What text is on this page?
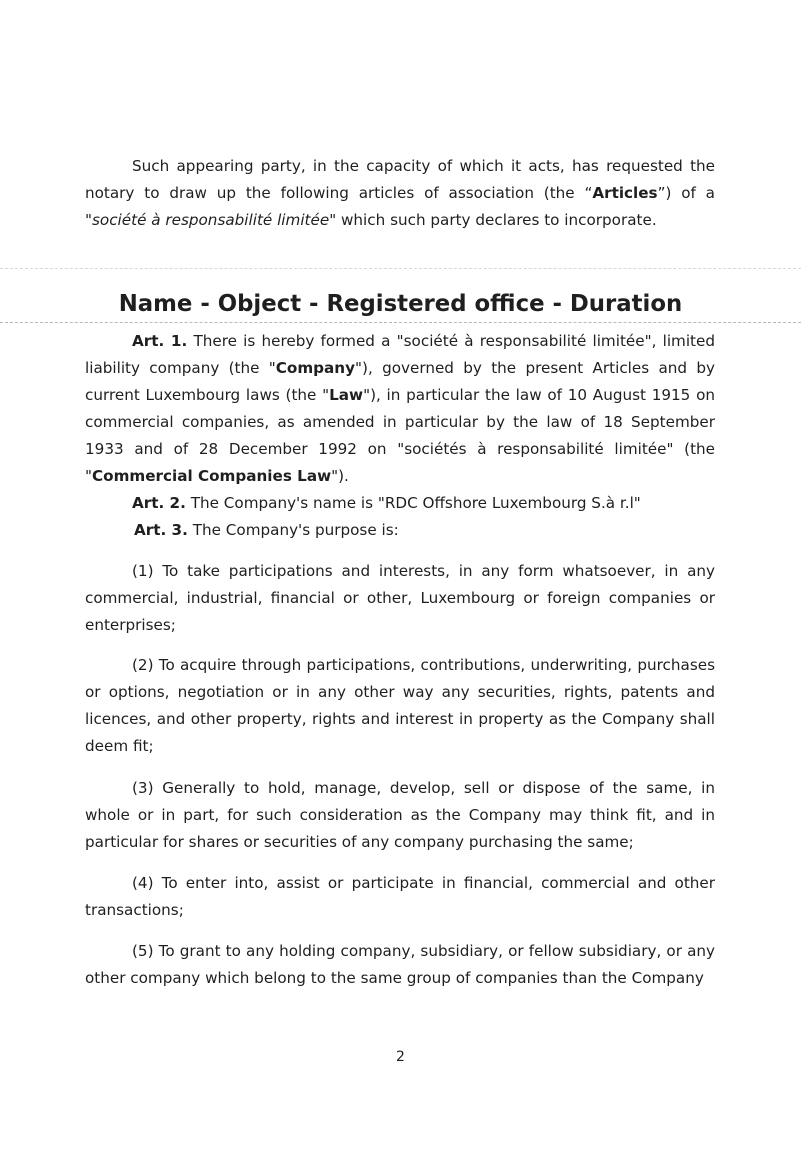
Such appearing party, in the capacity of which it acts, has requested the notary to draw up the following articles of association (the “Articles”) of a "société à responsabilité limitée" which such party declares to incorporate.

Name - Object - Registered office - Duration

Art. 1. There is hereby formed a "société à responsabilité limitée", limited liability company (the "Company"), governed by the present Articles and by current Luxembourg laws (the "Law"), in particular the law of 10 August 1915 on commercial companies, as amended in particular by the law of 18 September 1933 and of 28 December 1992 on "sociétés à responsabilité limitée" (the "Commercial Companies Law").

Art. 2. The Company's name is "RDC Offshore Luxembourg S.à r.l"

Art. 3. The Company's purpose is:

(1) To take participations and interests, in any form whatsoever, in any commercial, industrial, financial or other, Luxembourg or foreign companies or enterprises;

(2) To acquire through participations, contributions, underwriting, purchases or options, negotiation or in any other way any securities, rights, patents and licences, and other property, rights and interest in property as the Company shall deem fit;

(3) Generally to hold, manage, develop, sell or dispose of the same, in whole or in part, for such consideration as the Company may think fit, and in particular for shares or securities of any company purchasing the same;

(4) To enter into, assist or participate in financial, commercial and other transactions;

(5) To grant to any holding company, subsidiary, or fellow subsidiary, or any other company which belong to the same group of companies than the Company

2
